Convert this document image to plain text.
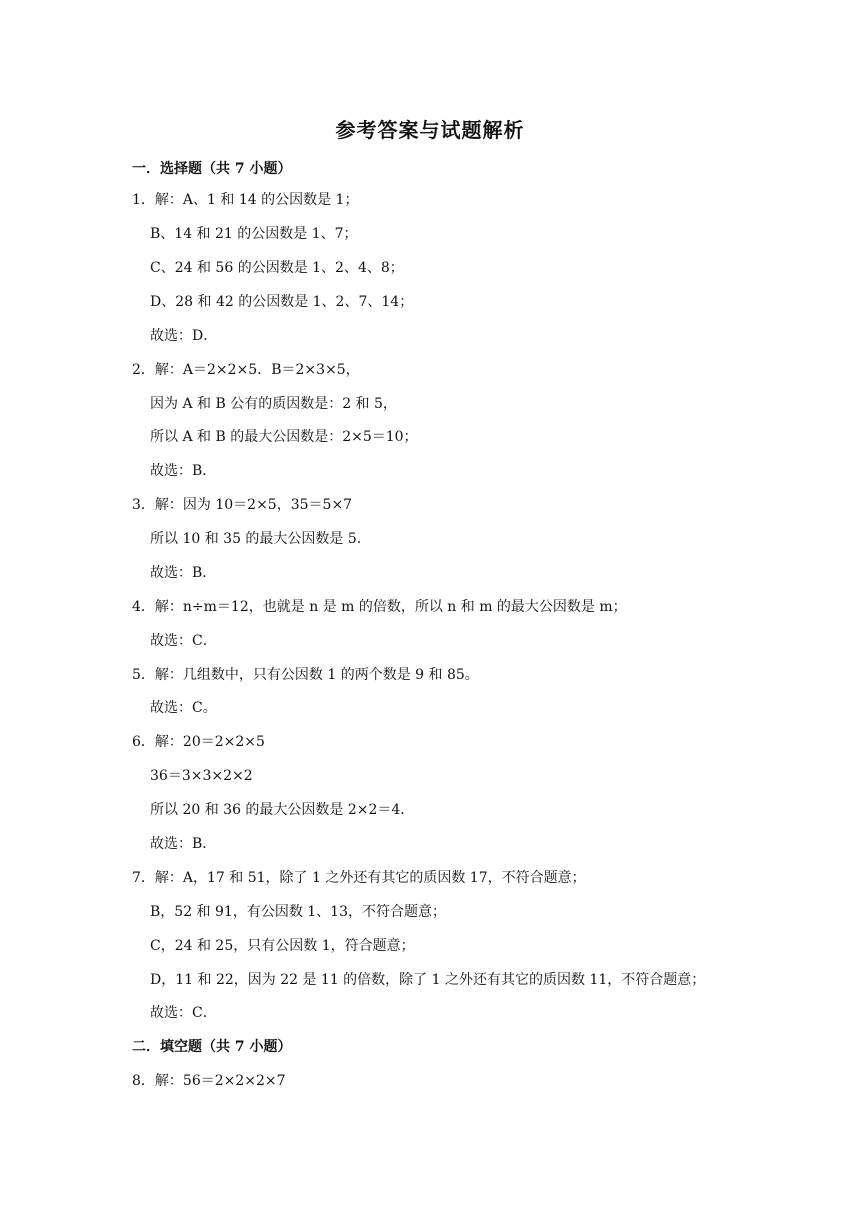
参考答案与试题解析
一．选择题（共 7 小题）
1．解：A、1 和 14 的公因数是 1；
B、14 和 21 的公因数是 1、7；
C、24 和 56 的公因数是 1、2、4、8；
D、28 和 42 的公因数是 1、2、7、14；
故选：D．
2．解：A＝2×2×5．B＝2×3×5，
因为 A 和 B 公有的质因数是：2 和 5，
所以 A 和 B 的最大公因数是：2×5＝10；
故选：B．
3．解：因为 10＝2×5，35＝5×7
所以 10 和 35 的最大公因数是 5．
故选：B．
4．解：n÷m＝12，也就是 n 是 m 的倍数，所以 n 和 m 的最大公因数是 m；
故选：C．
5．解：几组数中，只有公因数 1 的两个数是 9 和 85。
故选：C。
6．解：20＝2×2×5
36＝3×3×2×2
所以 20 和 36 的最大公因数是 2×2＝4．
故选：B．
7．解：A，17 和 51，除了 1 之外还有其它的质因数 17，不符合题意；
B，52 和 91，有公因数 1、13，不符合题意；
C，24 和 25，只有公因数 1，符合题意；
D，11 和 22，因为 22 是 11 的倍数，除了 1 之外还有其它的质因数 11，不符合题意；
故选：C．
二．填空题（共 7 小题）
8．解：56＝2×2×2×7
